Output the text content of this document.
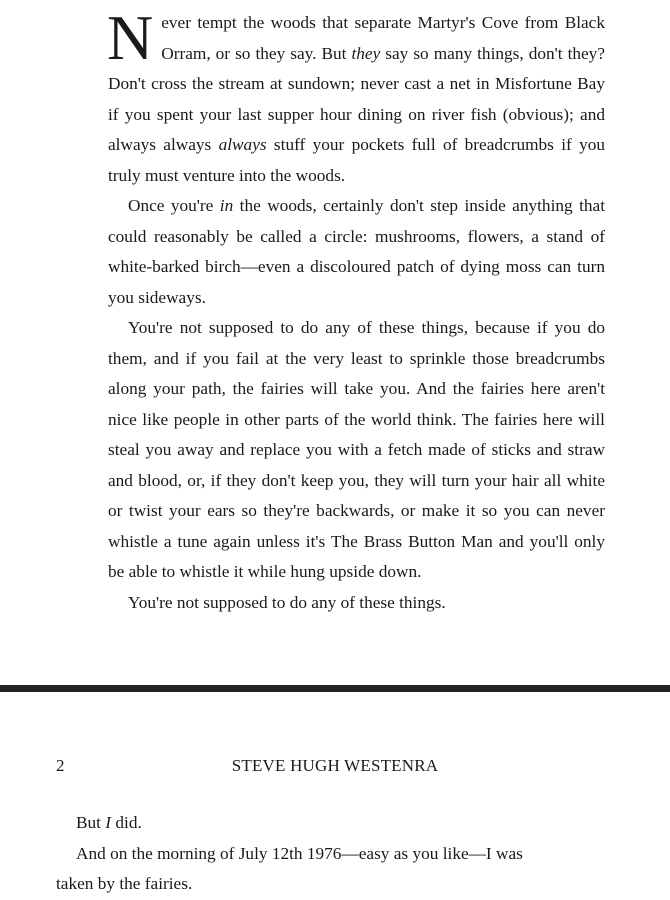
Never tempt the woods that separate Martyr's Cove from Black Orram, or so they say. But they say so many things, don't they? Don't cross the stream at sundown; never cast a net in Misfortune Bay if you spent your last supper hour dining on river fish (obvious); and always always always stuff your pockets full of breadcrumbs if you truly must venture into the woods.

Once you're in the woods, certainly don't step inside anything that could reasonably be called a circle: mushrooms, flowers, a stand of white-barked birch—even a discoloured patch of dying moss can turn you sideways.

You're not supposed to do any of these things, because if you do them, and if you fail at the very least to sprinkle those breadcrumbs along your path, the fairies will take you. And the fairies here aren't nice like people in other parts of the world think. The fairies here will steal you away and replace you with a fetch made of sticks and straw and blood, or, if they don't keep you, they will turn your hair all white or twist your ears so they're backwards, or make it so you can never whistle a tune again unless it's The Brass Button Man and you'll only be able to whistle it while hung upside down.

You're not supposed to do any of these things.

2	STEVE HUGH WESTENRA

But I did.

And on the morning of July 12th 1976—easy as you like—I was

taken by the fairies.
